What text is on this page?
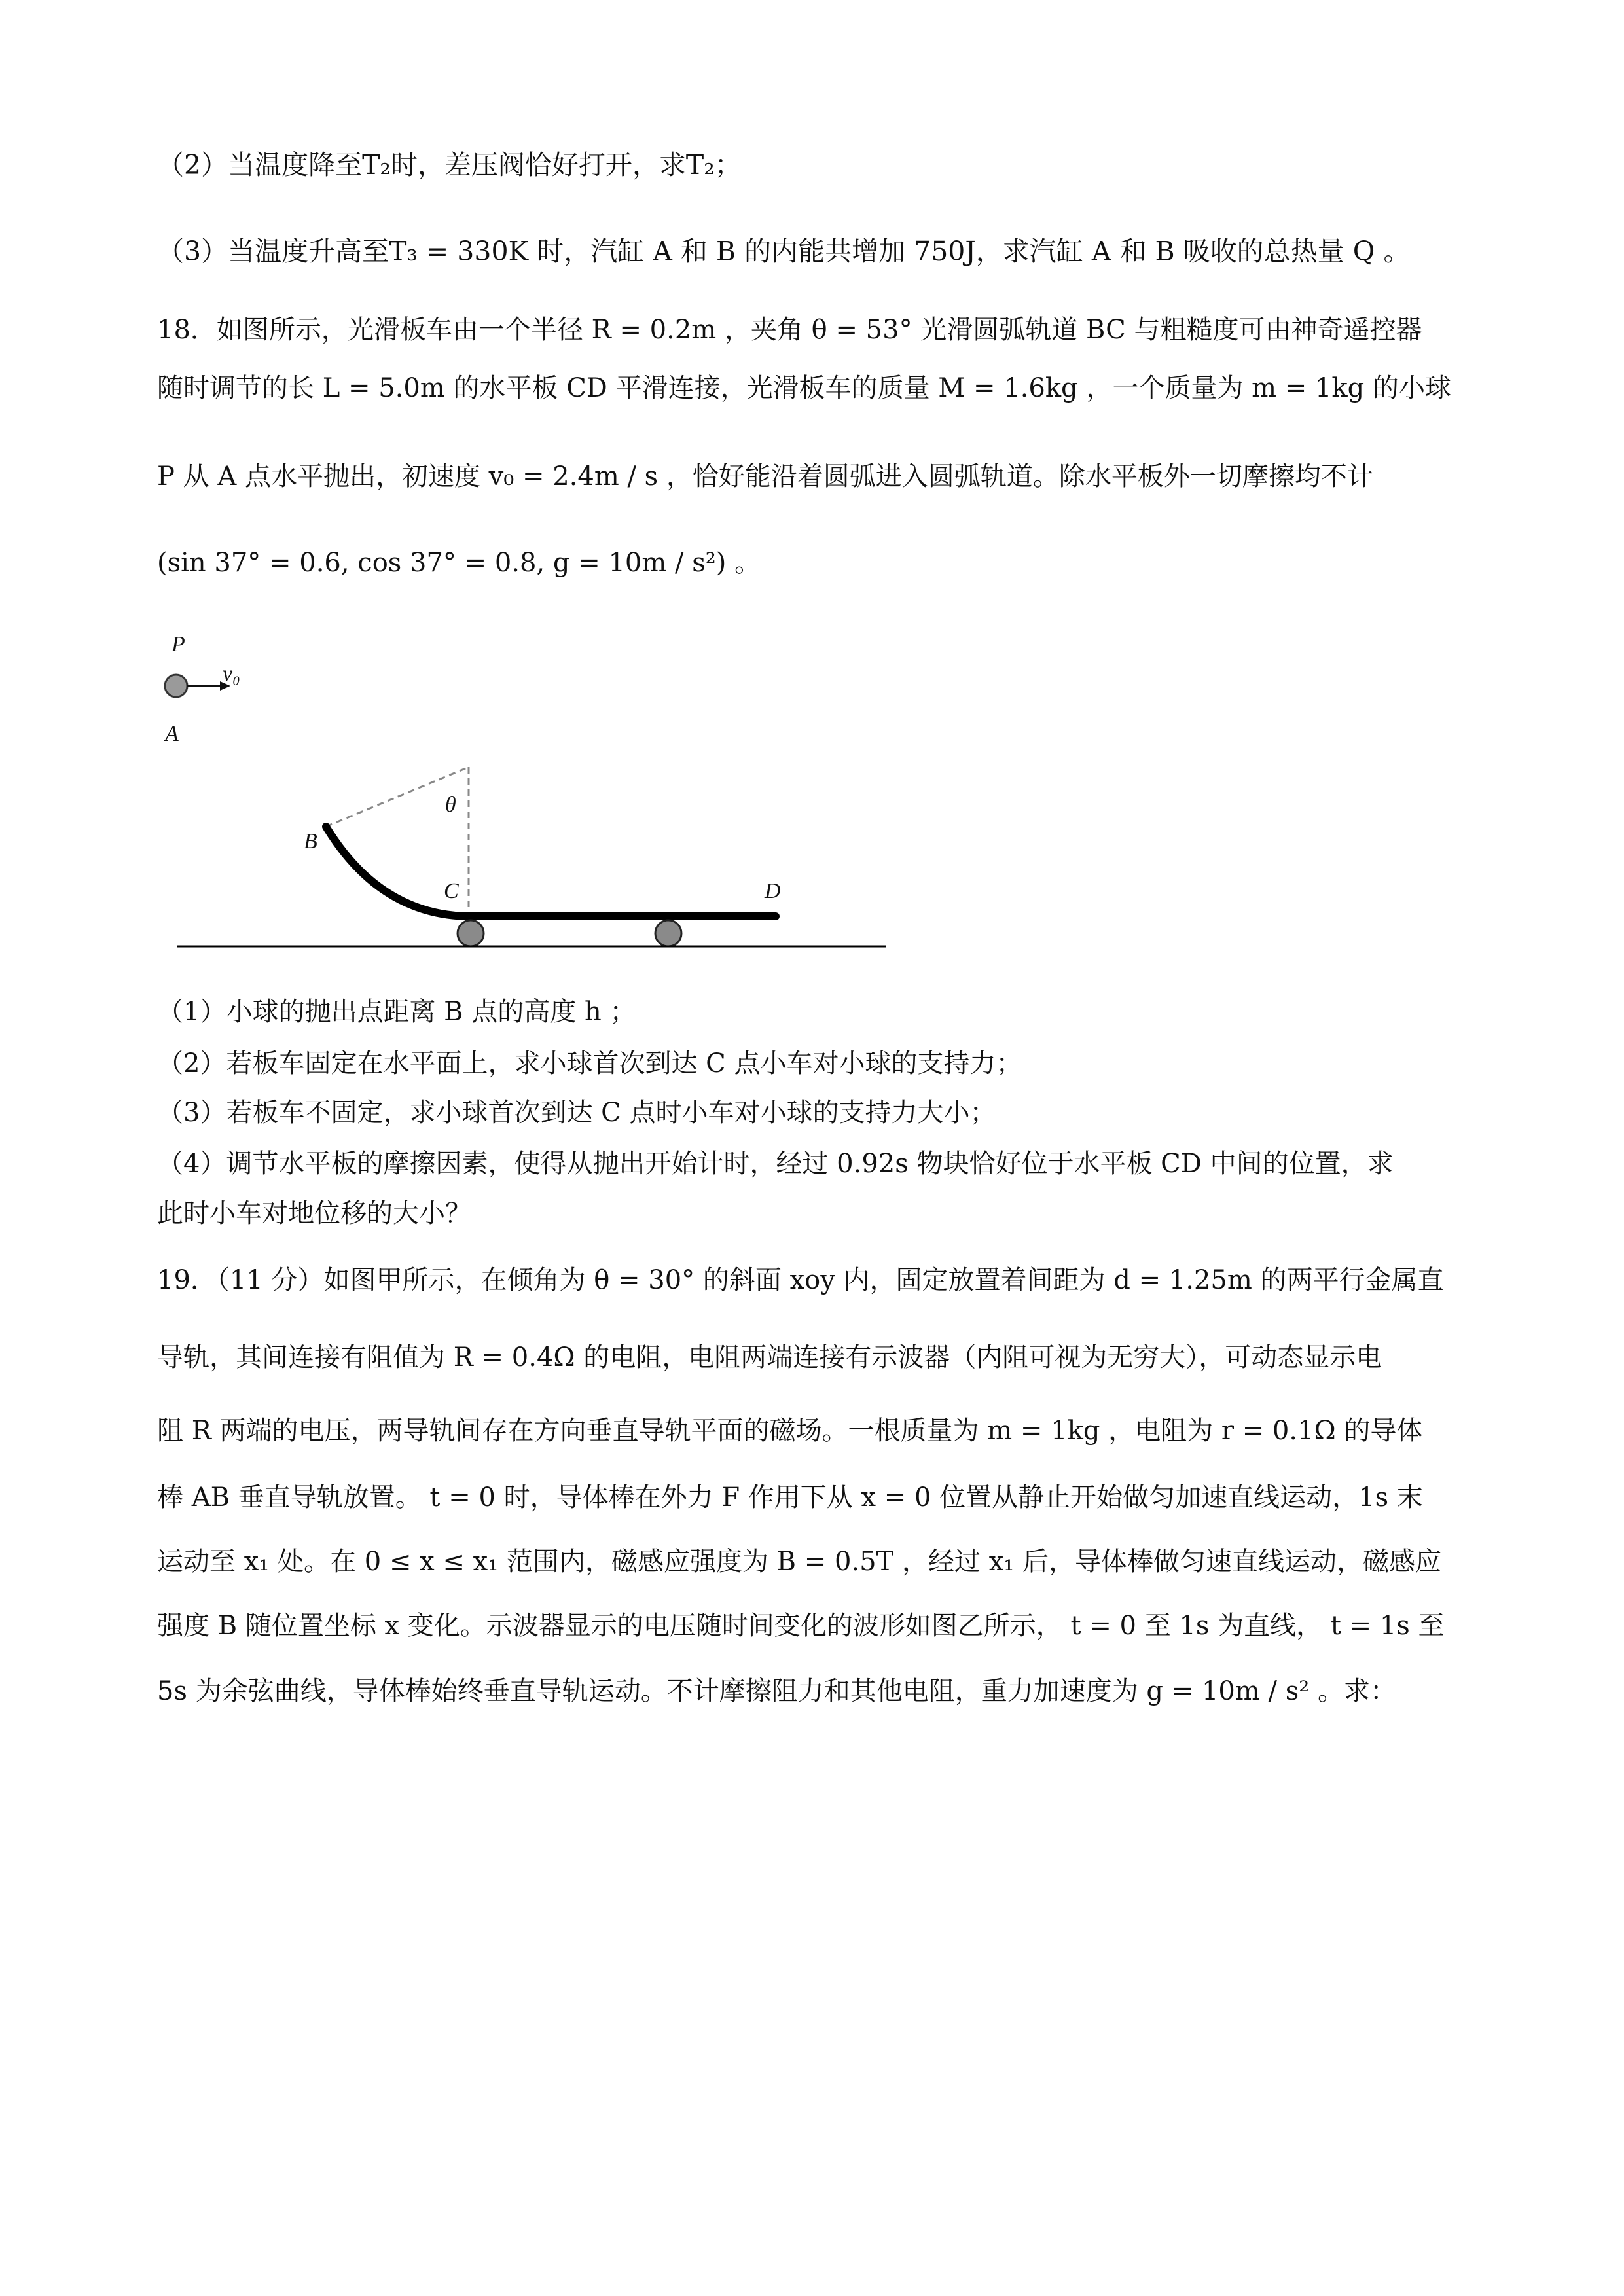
（2）当温度降至T₂时，差压阀恰好打开，求T₂；
（3）当温度升高至T₃ = 330K 时，汽缸 A 和 B 的内能共增加 750J，求汽缸 A 和 B 吸收的总热量 Q 。
18．如图所示，光滑板车由一个半径 R = 0.2m ，夹角 θ = 53° 光滑圆弧轨道 BC 与粗糙度可由神奇遥控器
随时调节的长 L = 5.0m 的水平板 CD 平滑连接，光滑板车的质量 M = 1.6kg ，一个质量为 m = 1kg 的小球
P 从 A 点水平抛出，初速度 v₀ = 2.4m / s ，恰好能沿着圆弧进入圆弧轨道。除水平板外一切摩擦均不计
(sin 37° = 0.6, cos 37° = 0.8, g = 10m / s²) 。
P
v₀
A
θ
B
C	D
（1）小球的抛出点距离 B 点的高度 h ；
（2）若板车固定在水平面上，求小球首次到达 C 点小车对小球的支持力；
（3）若板车不固定，求小球首次到达 C 点时小车对小球的支持力大小；
（4）调节水平板的摩擦因素，使得从抛出开始计时，经过 0.92s 物块恰好位于水平板 CD 中间的位置，求
此时小车对地位移的大小？
19．（11 分）如图甲所示，在倾角为 θ = 30° 的斜面 xoy 内，固定放置着间距为 d = 1.25m 的两平行金属直
导轨，其间连接有阻值为 R = 0.4Ω 的电阻，电阻两端连接有示波器（内阻可视为无穷大），可动态显示电
阻 R 两端的电压，两导轨间存在方向垂直导轨平面的磁场。一根质量为 m = 1kg ，电阻为 r = 0.1Ω 的导体
棒 AB 垂直导轨放置。 t = 0 时，导体棒在外力 F 作用下从 x = 0 位置从静止开始做匀加速直线运动，1s 末
运动至 x₁ 处。在 0 ≤ x ≤ x₁ 范围内，磁感应强度为 B = 0.5T ，经过 x₁ 后，导体棒做匀速直线运动，磁感应
强度 B 随位置坐标 x 变化。示波器显示的电压随时间变化的波形如图乙所示， t = 0 至 1s 为直线， t = 1s 至
5s 为余弦曲线，导体棒始终垂直导轨运动。不计摩擦阻力和其他电阻，重力加速度为 g = 10m / s² 。求：
